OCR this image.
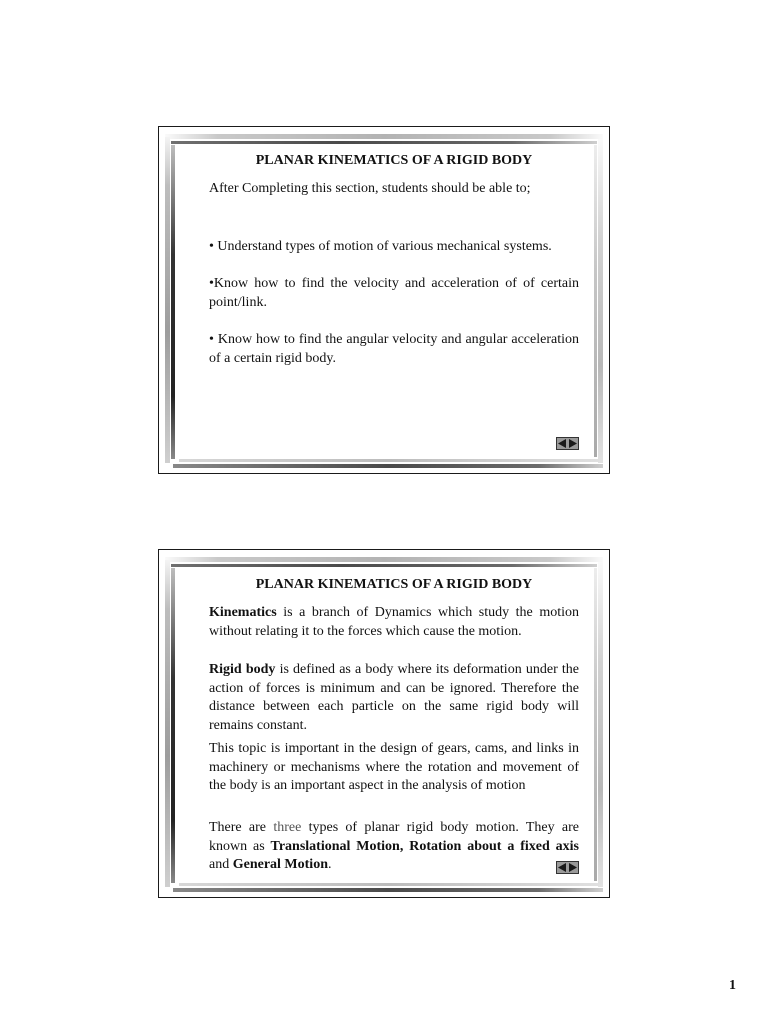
PLANAR KINEMATICS OF A RIGID BODY

After Completing this section, students should be able to;

• Understand types of motion of various mechanical systems.

•Know how to find the velocity and acceleration of of certain point/link.

• Know how to find the angular velocity and angular acceleration of a certain rigid body.

PLANAR KINEMATICS OF A RIGID BODY

Kinematics is a branch of Dynamics which study the motion without relating it to the forces which cause the motion.

Rigid body is defined as a body where its deformation under the action of forces is minimum and can be ignored. Therefore the distance between each particle on the same rigid body will remains constant.

This topic is important in the design of gears, cams, and links in machinery or mechanisms where the rotation and movement of the body is an important aspect in the analysis of motion

There are three types of planar rigid body motion. They are known as Translational Motion, Rotation about a fixed axis and General Motion.

1
